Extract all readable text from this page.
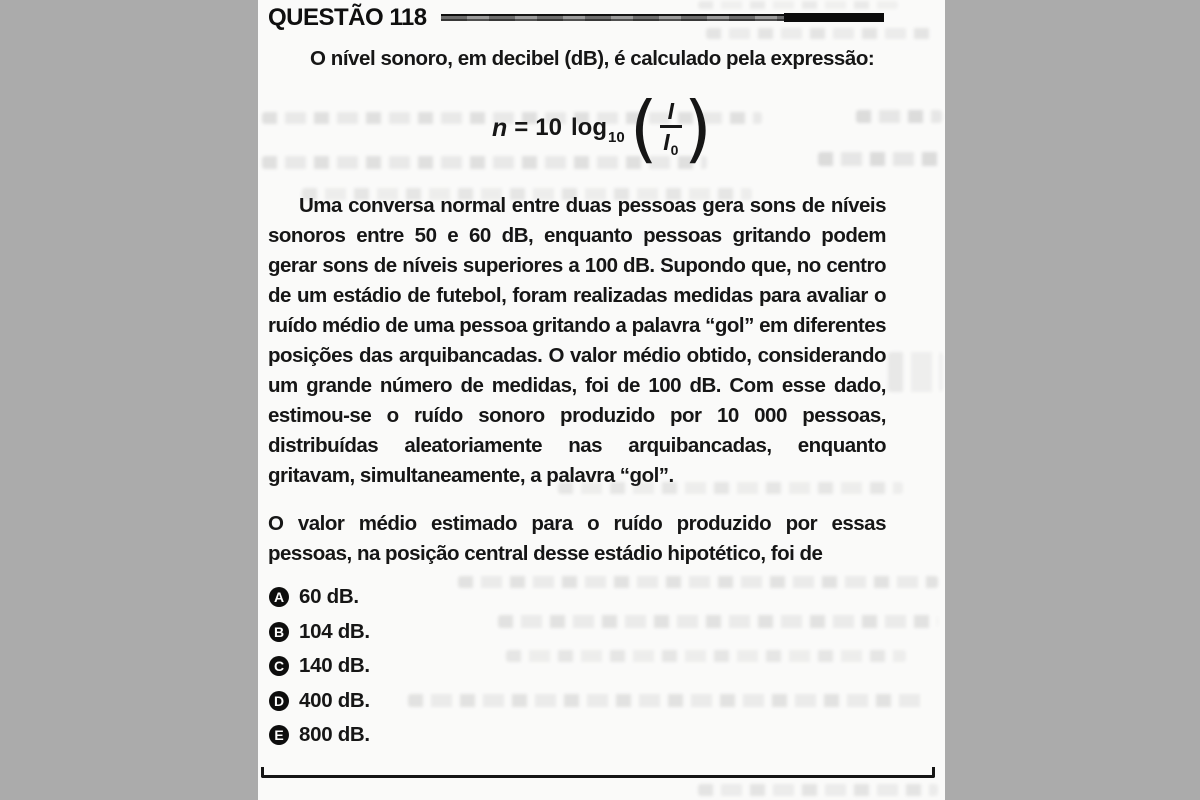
QUESTÃO 118

O nível sonoro, em decibel (dB), é calculado pela expressão:

n = 10 log 10 ( $\frac{I}{I_0}$ )

Uma conversa normal entre duas pessoas gera sons de níveis sonoros entre 50 e 60 dB, enquanto pessoas gritando podem gerar sons de níveis superiores a 100 dB. Supondo que, no centro de um estádio de futebol, foram realizadas medidas para avaliar o ruído médio de uma pessoa gritando a palavra “gol” em diferentes posições das arquibancadas. O valor médio obtido, considerando um grande número de medidas, foi de 100 dB. Com esse dado, estimou-se o ruído sonoro produzido por 10 000 pessoas, distribuídas aleatoriamente nas arquibancadas, enquanto gritavam, simultaneamente, a palavra “gol”.

O valor médio estimado para o ruído produzido por essas pessoas, na posição central desse estádio hipotético, foi de

A 60 dB.
B 104 dB.
C 140 dB.
D 400 dB.
E 800 dB.
